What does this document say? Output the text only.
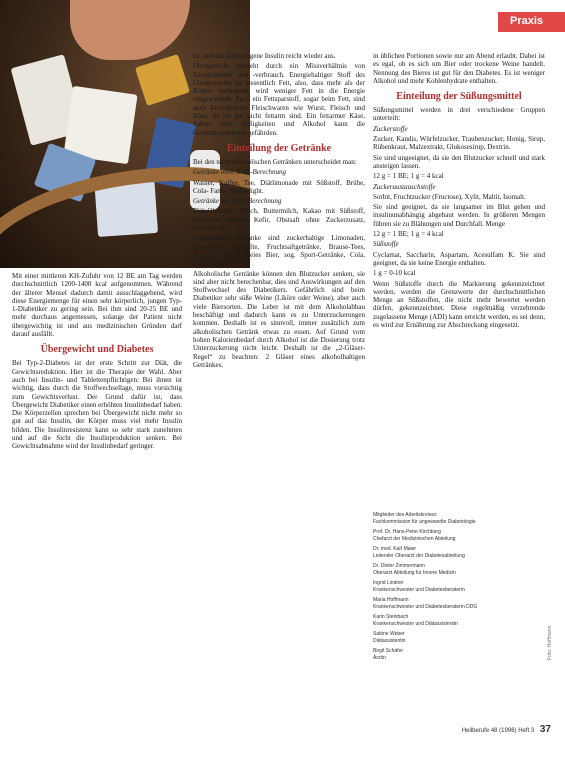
Praxis

Mit einer mittleren KH-Zufuhr von 12 BE am Tag werden durchschnittlich 1200-1400 kcal aufgenommen. Während der älterer Mensel dadurch damit ausschlaggebend, wird diese Energiemenge für einen sehr körperlich, jungen Typ-1-Diabetiker zu gering sein. Bei ihm sind 20-25 BE und mehr durchaus angemessen, solange der Patient nicht übergewichtig ist und aus medizinischen Gründen darf darauf ausfällt.

Übergewicht und Diabetes

Bei Typ-2-Diabetes ist der erste Schritt zur Diät, die Gewichtsreduktion. Hier ist die Therapie der Wahl. Aber auch bei Insulin- und Tablettenpflichtigen: Bei ihnen ist wichtig, dass durch die Stoffwechsellage, muss vorsichtig zum Gewichtsverlust. Der Grund dafür ist, dass Übergewicht Diabetiker einen erhöhten Insulinbedarf haben. Die Körperzellen sprechen bei Übergewicht nicht mehr so gut auf das Insulin, der Körper muss viel mehr Insulin bilden. Die Insulinresistenz kann so sehr stark zunehmen und auf die Sicht die Insulinproduktion senken. Bei Gewichtsabnahme wird der Insulinbedarf geringer.

ist, und das körpereigene Insulin reicht wieder aus.

Übergewicht entsteht durch ein Missverhältnis von Energiezufuhr und -verbrauch. Energiehaltiger Stoff des Übergewichts ist wesentlich Fett, also, dass mehr als der Körper verbraucht, wird weniger Fett in die Energie umgewandelt. Auch ein Fettsparstoff, sogar beim Fett, sind auch Eiweißreiche Fleischwaren wie Wurst, Fleisch und Käse, da sie gar nicht fettarm sind. Ein fettarmer Käse, Sahne, fette Süßigkeiten und Alkohol kann die Gewichtsreduktion gefährden.

Einteilung der Getränke

Bei den nicht alkoholischen Getränken unterscheidet man:

Getränke ohne KHE-Berechnung

Wasser, Kaffee, Tee, Diätlimonade mit Süßstoff, Brühe, Cola- Fanta- Sprite-light.

Getränke mit KHE-Berechnung

Diät-Obstsäfte, Milch, Buttermilch, Kakao mit Süßstoff, Diätbitter, Molke, Kefir, Obstsaft ohne Zuckerzusatz, Gemüsesaft.

Ungeeignete Getränke sind zuckerhaltige Limonaden, gezuckerte Obstsäfte, Fruchtsaftgetränke, Brause-Tees, Malzbier, alkoholfreies Bier, sog. Sport-Getränke, Cola, Fanta, Sprite.

Alkoholische Getränke können den Blutzucker senken, sie sind aber nicht berechenbar, dies und Auswirkungen auf den Stoffwechsel des Diabetikers. Gefährlich sind beim Diabetiker sehr süße Weine (Liköre oder Weine), aber auch viele Biersorten. Die Leber ist mit dem Alkoholabbau beschäftigt und dadurch kann es zu Unterzuckerungen kommen. Deshalb ist es sinnvoll, immer zusätzlich zum alkoholischen Getränk etwas zu essen. Auf Grund vom hohen Kalorienbedarf durch Alkohol ist die Dosierung trotz Unterzuckerung nicht leicht. Deshalb ist die „2-Gläser-Regel“ zu beachten: 2 Gläser eines alkoholhaltigen Getränkes,

in üblichen Portionen sowie nur am Abend erlaubt. Dabei ist es egal, ob es sich um Bier oder trockene Weine handelt. Nennung des Bieres ist gut für den Diabetes. Es ist weniger Alkohol und mehr Kohlenhydrate enthalten.

Einteilung der Süßungsmittel

Süßungsmittel werden in drei verschiedene Gruppen unterteilt:

Zuckerstoffe

Zucker, Kandis, Würfelzucker, Traubenzucker, Honig, Sirup, Rübenkraut, Malzextrakt, Glukosesirup, Dextrin.

Sie sind ungeeignet, da sie den Blutzucker schnell und stark ansteigen lassen.

12 g = 1 BE; 1 g = 4 kcal

Zuckeraustauschstoffe

Sorbit, Fruchtzucker (Fructose), Xylit, Maltit, Isomalt.

Sie sind geeignet, da sie langsamer im Blut gehen und insulinunabhängig abgebaut werden. In größeren Mengen führen sie zu Blähungen und Durchfall. Menge

12 g = 1 BE; 1 g = 4 kcal

Süßstoffe

Cyclamat, Saccharin, Aspartam, Acesulfam K. Sie sind geeignet, da sie keine Energie enthalten.

1 g = 0-10 kcal

Wenn Süßstoffe durch die Markierung gekennzeichnet werden, werden die Grenzwerte der durchschnittlichen Menge an Süßstoffen, die nicht mehr bewertet werden dürfen, gekennzeichnet. Diese regelmäßig verzehrende zugelassene Menge (ADI) kann erreicht werden, es sei denn, es wird zur Ernährung zur Abschreckung eingesetzt.

Mitglieder des Arbeitskreises
Fachkommission für angewandte Diabetologie
Prof. Dr. Hans-Peter Kirchberg
Chefarzt der Medizinischen Abteilung
Dr. med. Karl Maier
Leitender Oberarzt der Diabetesabteilung
Dr. Dieter Zimmermann
Oberarzt Abteilung für Innere Medizin
Ingrid Lindner
Krankenschwester und Diabetesberaterin
Maria Hoffmann
Krankenschwester und Diabetesberaterin DDG
Karin Steinbach
Krankenschwester und Diätassistentin
Sabine Weber
Diätassistentin
Birgit Schäfer
Ärztin	Foto: Hoffmann
Heilberufe 48 (1996) Heft 3 37
